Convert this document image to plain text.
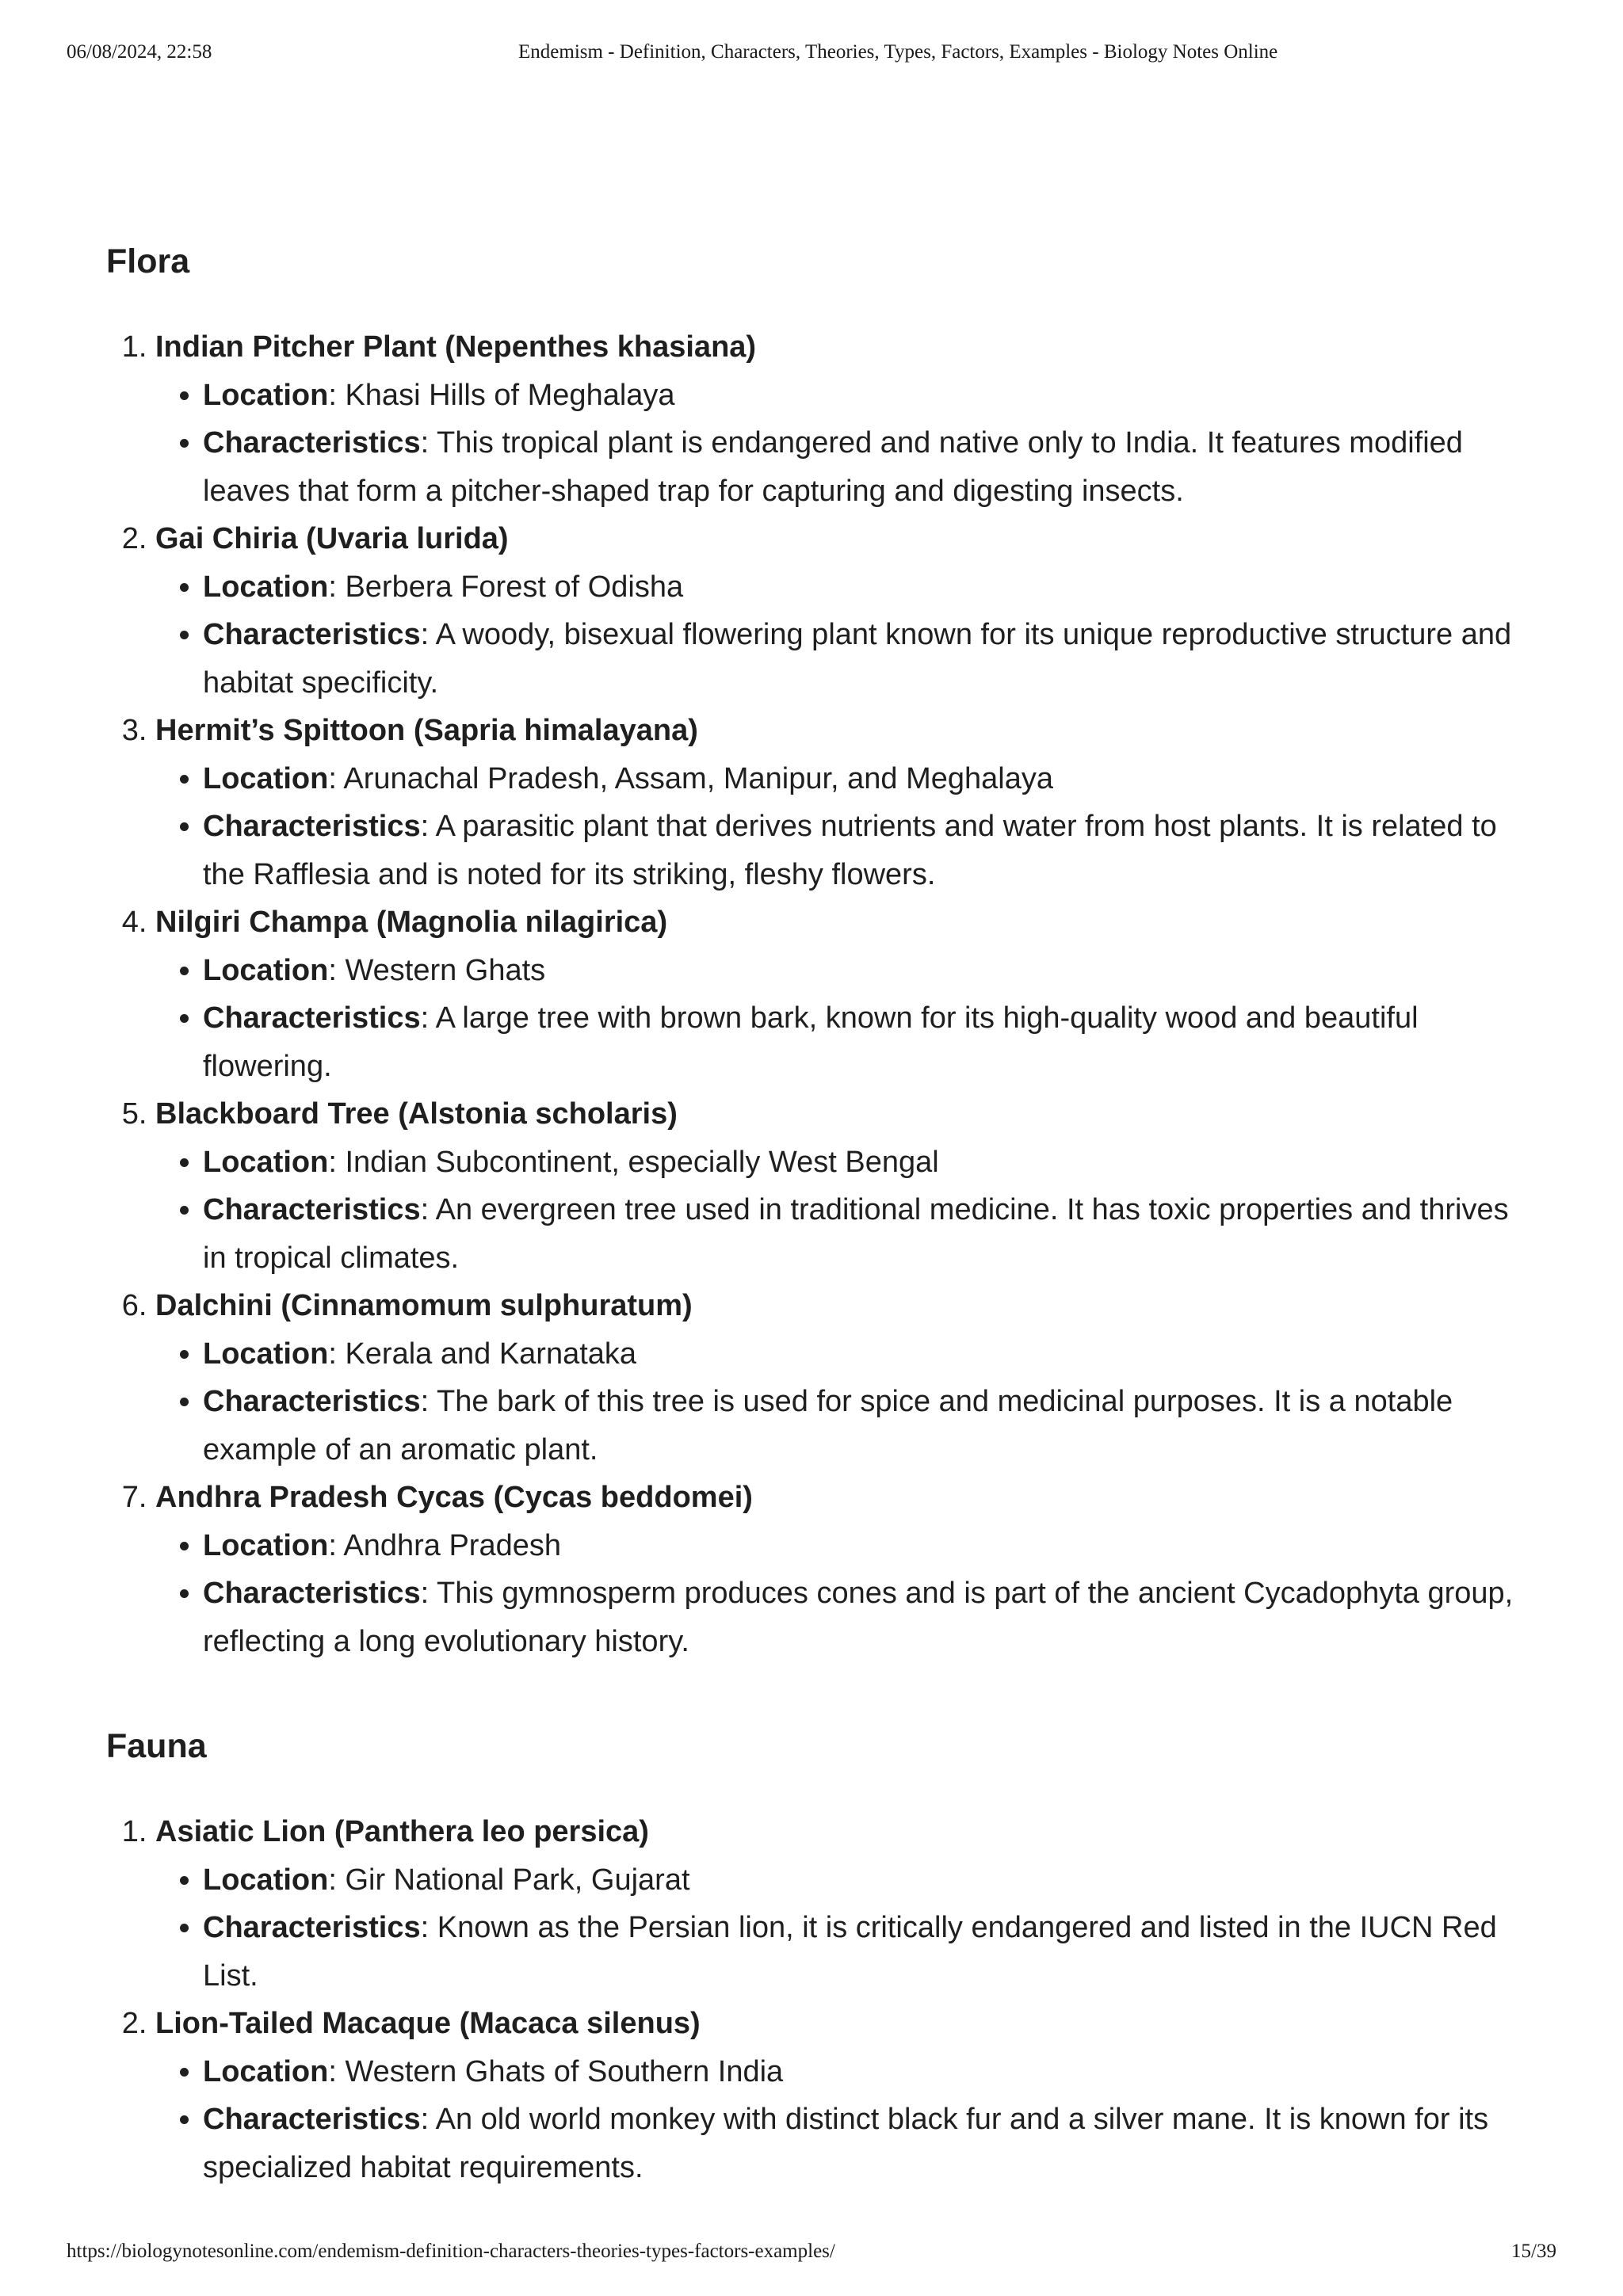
06/08/2024, 22:58	Endemism - Definition, Characters, Theories, Types, Factors, Examples - Biology Notes Online
Flora
1. Indian Pitcher Plant (Nepenthes khasiana)
• Location: Khasi Hills of Meghalaya
• Characteristics: This tropical plant is endangered and native only to India. It features modified leaves that form a pitcher-shaped trap for capturing and digesting insects.
2. Gai Chiria (Uvaria lurida)
• Location: Berbera Forest of Odisha
• Characteristics: A woody, bisexual flowering plant known for its unique reproductive structure and habitat specificity.
3. Hermit’s Spittoon (Sapria himalayana)
• Location: Arunachal Pradesh, Assam, Manipur, and Meghalaya
• Characteristics: A parasitic plant that derives nutrients and water from host plants. It is related to the Rafflesia and is noted for its striking, fleshy flowers.
4. Nilgiri Champa (Magnolia nilagirica)
• Location: Western Ghats
• Characteristics: A large tree with brown bark, known for its high-quality wood and beautiful flowering.
5. Blackboard Tree (Alstonia scholaris)
• Location: Indian Subcontinent, especially West Bengal
• Characteristics: An evergreen tree used in traditional medicine. It has toxic properties and thrives in tropical climates.
6. Dalchini (Cinnamomum sulphuratum)
• Location: Kerala and Karnataka
• Characteristics: The bark of this tree is used for spice and medicinal purposes. It is a notable example of an aromatic plant.
7. Andhra Pradesh Cycas (Cycas beddomei)
• Location: Andhra Pradesh
• Characteristics: This gymnosperm produces cones and is part of the ancient Cycadophyta group, reflecting a long evolutionary history.
Fauna
1. Asiatic Lion (Panthera leo persica)
• Location: Gir National Park, Gujarat
• Characteristics: Known as the Persian lion, it is critically endangered and listed in the IUCN Red List.
2. Lion-Tailed Macaque (Macaca silenus)
• Location: Western Ghats of Southern India
• Characteristics: An old world monkey with distinct black fur and a silver mane. It is known for its specialized habitat requirements.
https://biologynotesonline.com/endemism-definition-characters-theories-types-factors-examples/	15/39
